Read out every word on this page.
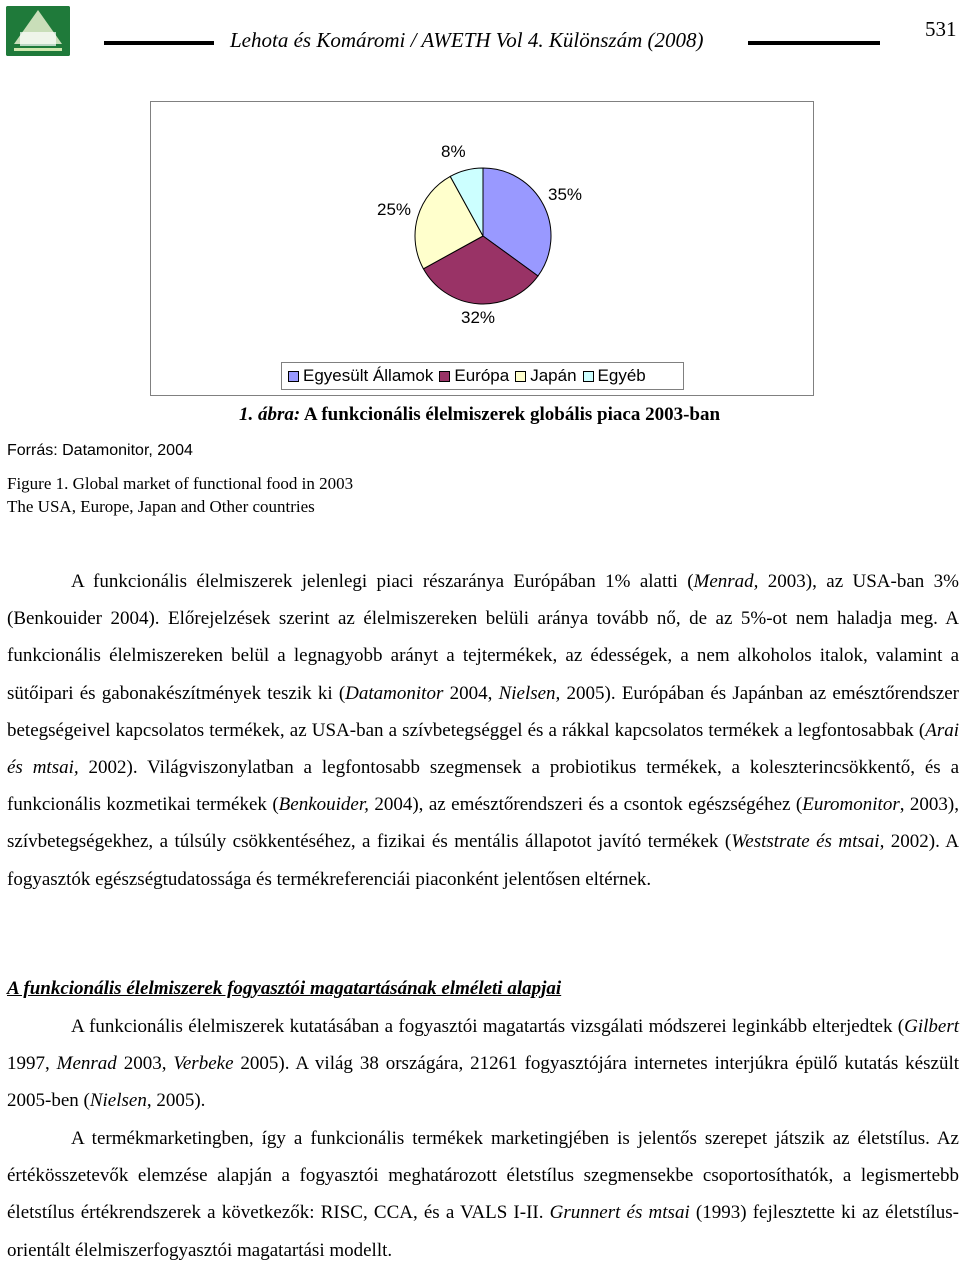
Lehota és Komáromi / AWETH Vol 4. Különszám (2008)	531
8%
35%
25%
32%
Egyesült Államok Európa Japán Egyéb
1. ábra: A funkcionális élelmiszerek globális piaca 2003-ban
Forrás: Datamonitor, 2004
Figure 1. Global market of functional food in 2003
The USA, Europe, Japan and Other countries
A funkcionális élelmiszerek jelenlegi piaci részaránya Európában 1% alatti (Menrad, 2003), az USA-ban 3% (Benkouider 2004). Előrejelzések szerint az élelmiszereken belüli aránya tovább nő, de az 5%-ot nem haladja meg. A funkcionális élelmiszereken belül a legnagyobb arányt a tejtermékek, az édességek, a nem alkoholos italok, valamint a sütőipari és gabonakészítmények teszik ki (Datamonitor 2004, Nielsen, 2005). Európában és Japánban az emésztőrendszer betegségeivel kapcsolatos termékek, az USA-ban a szívbetegséggel és a rákkal kapcsolatos termékek a legfontosabbak (Arai és mtsai, 2002). Világviszonylatban a legfontosabb szegmensek a probiotikus termékek, a koleszterincsökkentő, és a funkcionális kozmetikai termékek (Benkouider, 2004), az emésztőrendszeri és a csontok egészségéhez (Euromonitor, 2003), szívbetegségekhez, a túlsúly csökkentéséhez, a fizikai és mentális állapotot javító termékek (Weststrate és mtsai, 2002). A fogyasztók egészségtudatossága és termékreferenciái piaconként jelentősen eltérnek.
A funkcionális élelmiszerek fogyasztói magatartásának elméleti alapjai
A funkcionális élelmiszerek kutatásában a fogyasztói magatartás vizsgálati módszerei leginkább elterjedtek (Gilbert 1997, Menrad 2003, Verbeke 2005). A világ 38 országára, 21261 fogyasztójára internetes interjúkra épülő kutatás készült 2005-ben (Nielsen, 2005).
A termékmarketingben, így a funkcionális termékek marketingjében is jelentős szerepet játszik az életstílus. Az értékösszetevők elemzése alapján a fogyasztói meghatározott életstílus szegmensekbe csoportosíthatók, a legismertebb életstílus értékrendszerek a következők: RISC, CCA, és a VALS I-II. Grunnert és mtsai (1993) fejlesztette ki az életstílus-orientált élelmiszerfogyasztói magatartási modellt.
